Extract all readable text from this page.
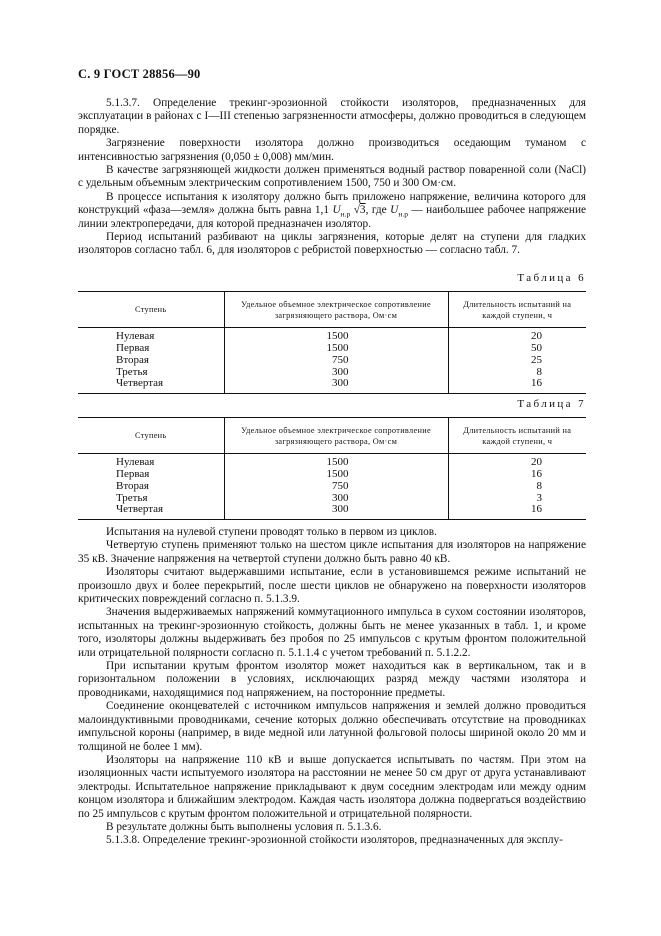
С. 9 ГОСТ 28856—90

5.1.3.7. Определение трекинг-эрозионной стойкости изоляторов, предназначенных для эксплуатации в районах с I—III степенью загрязненности атмосферы, должно проводиться в следующем порядке.

Загрязнение поверхности изолятора должно производиться оседающим туманом с интенсивностью загрязнения (0,050 ± 0,008) мм/мин.

В качестве загрязняющей жидкости должен применяться водный раствор поваренной соли (NaCl) с удельным объемным электрическим сопротивлением 1500, 750 и 300 Ом·см.

В процессе испытания к изолятору должно быть приложено напряжение, величина которого для конструкций «фаза—земля» должна быть равна 1,1 $U_{н.р}$ √3, где $U_{н.р}$ — наибольшее рабочее напряжение линии электропередачи, для которой предназначен изолятор.

Период испытаний разбивают на циклы загрязнения, которые делят на ступени для гладких изоляторов согласно табл. 6, для изоляторов с ребристой поверхностью — согласно табл. 7.

Таблица 6
Ступень	Удельное объемное электрическое сопротивление загрязняющего раствора, Ом·см	Длительность испытаний на каждой ступени, ч
Нулевая	1500	20
Первая	1500	50
Вторая	750	25
Третья	300	8
Четвертая	300	16
Таблица 7
Ступень	Удельное объемное электрическое сопротивление загрязняющего раствора, Ом·см	Длительность испытаний на каждой ступени, ч
Нулевая	1500	20
Первая	1500	16
Вторая	750	8
Третья	300	3
Четвертая	300	16

Испытания на нулевой ступени проводят только в первом из циклов.

Четвертую ступень применяют только на шестом цикле испытания для изоляторов на напряжение 35 кВ. Значение напряжения на четвертой ступени должно быть равно 40 кВ.

Изоляторы считают выдержавшими испытание, если в установившемся режиме испытаний не произошло двух и более перекрытий, после шести циклов не обнаружено на поверхности изоляторов критических повреждений согласно п. 5.1.3.9.

Значения выдерживаемых напряжений коммутационного импульса в сухом состоянии изоляторов, испытанных на трекинг-эрозионную стойкость, должны быть не менее указанных в табл. 1, и кроме того, изоляторы должны выдерживать без пробоя по 25 импульсов с крутым фронтом положительной или отрицательной полярности согласно п. 5.1.1.4 с учетом требований п. 5.1.2.2.

При испытании крутым фронтом изолятор может находиться как в вертикальном, так и в горизонтальном положении в условиях, исключающих разряд между частями изолятора и проводниками, находящимися под напряжением, на посторонние предметы.

Соединение оконцевателей с источником импульсов напряжения и землей должно проводиться малоиндуктивными проводниками, сечение которых должно обеспечивать отсутствие на проводниках импульсной короны (например, в виде медной или латунной фольговой полосы шириной около 20 мм и толщиной не более 1 мм).

Изоляторы на напряжение 110 кВ и выше допускается испытывать по частям. При этом на изоляционных части испытуемого изолятора на расстоянии не менее 50 см друг от друга устанавливают электроды. Испытательное напряжение прикладывают к двум соседним электродам или между одним концом изолятора и ближайшим электродом. Каждая часть изолятора должна подвергаться воздействию по 25 импульсов с крутым фронтом положительной и отрицательной полярности.

В результате должны быть выполнены условия п. 5.1.3.6.

5.1.3.8. Определение трекинг-эрозионной стойкости изоляторов, предназначенных для эксплу-
